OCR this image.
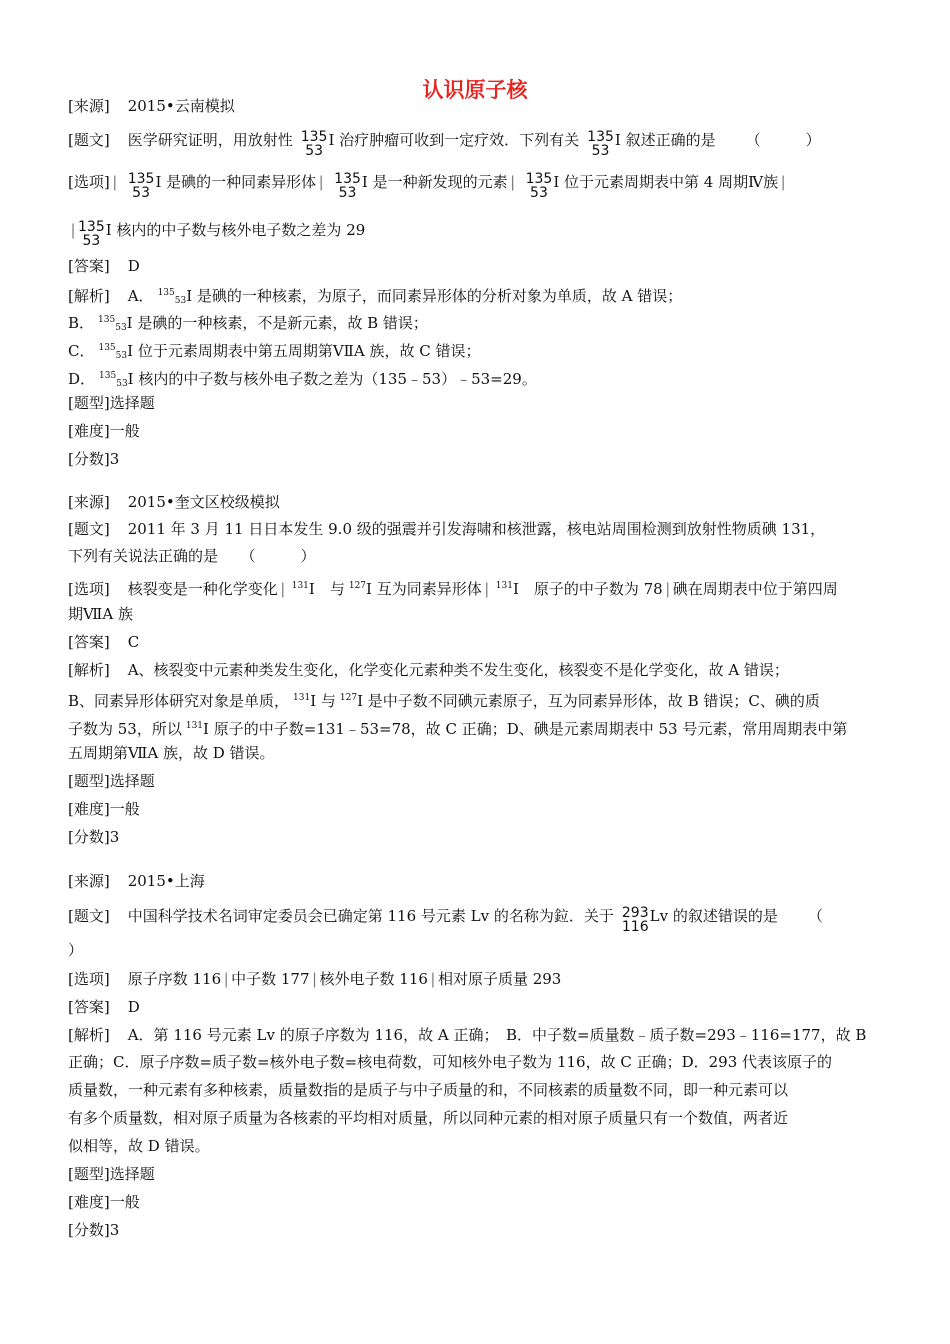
认识原子核
[来源] 2015•云南模拟
[题文] 医学研究证明，用放射性 135
53
I 治疗肿瘤可收到一定疗效．下列有关 135
53
I 叙述正确的是 （　　　）
[选项] | 135
53
I 是碘的一种同素异形体 | 135
53
I 是一种新发现的元素 | 135
53
I 位于元素周期表中第 4 周期Ⅳ族 |
| 135
53
I 核内的中子数与核外电子数之差为 29
[答案] D
[解析] A． $^{135}$53I 是碘的一种核素，为原子，而同素异形体的分析对象为单质，故 A 错误；
B． $^{135}$53I 是碘的一种核素，不是新元素，故 B 错误；
C． $^{135}$53I 位于元素周期表中第五周期第ⅤⅡA 族，故 C 错误；
D． $^{135}$53I 核内的中子数与核外电子数之差为（135﹣53）﹣53=29。
[题型]选择题
[难度]一般
[分数]3
[来源] 2015•奎文区校级模拟
[题文] 2011 年 3 月 11 日日本发生 9.0 级的强震并引发海啸和核泄露，核电站周围检测到放射性物质碘 131，
下列有关说法正确的是　　（　　　）
[选项] 核裂变是一种化学变化 | $^{131}$I　与 $^{127}$I 互为同素异形体 | $^{131}$I　原子的中子数为 78 | 碘在周期表中位于第四周
期ⅦA 族
[答案] C
[解析] A、核裂变中元素种类发生变化，化学变化元素种类不发生变化，核裂变不是化学变化，故 A 错误；
B、同素异形体研究对象是单质， $^{131}$I 与 $^{127}$I 是中子数不同碘元素原子，互为同素异形体，故 B 错误；C、碘的质
子数为 53，所以 $^{131}$I 原子的中子数=131﹣53=78，故 C 正确；D、碘是元素周期表中 53 号元素，常用周期表中第
五周期第ⅦA 族，故 D 错误。
[题型]选择题
[难度]一般
[分数]3
[来源] 2015•上海
[题文] 中国科学技术名词审定委员会已确定第 116 号元素 Lv 的名称为鉝．关于 293
116
Lv 的叙述错误的是 （
）
[选项] 原子序数 116 | 中子数 177 | 核外电子数 116 | 相对原子质量 293
[答案] D
[解析] A．第 116 号元素 Lv 的原子序数为 116，故 A 正确；　B．中子数=质量数﹣质子数=293﹣116=177，故 B
正确；C．原子序数=质子数=核外电子数=核电荷数，可知核外电子数为 116，故 C 正确；D．293 代表该原子的
质量数，一种元素有多种核素，质量数指的是质子与中子质量的和，不同核素的质量数不同，即一种元素可以
有多个质量数，相对原子质量为各核素的平均相对质量，所以同种元素的相对原子质量只有一个数值，两者近
似相等，故 D 错误。
[题型]选择题
[难度]一般
[分数]3
